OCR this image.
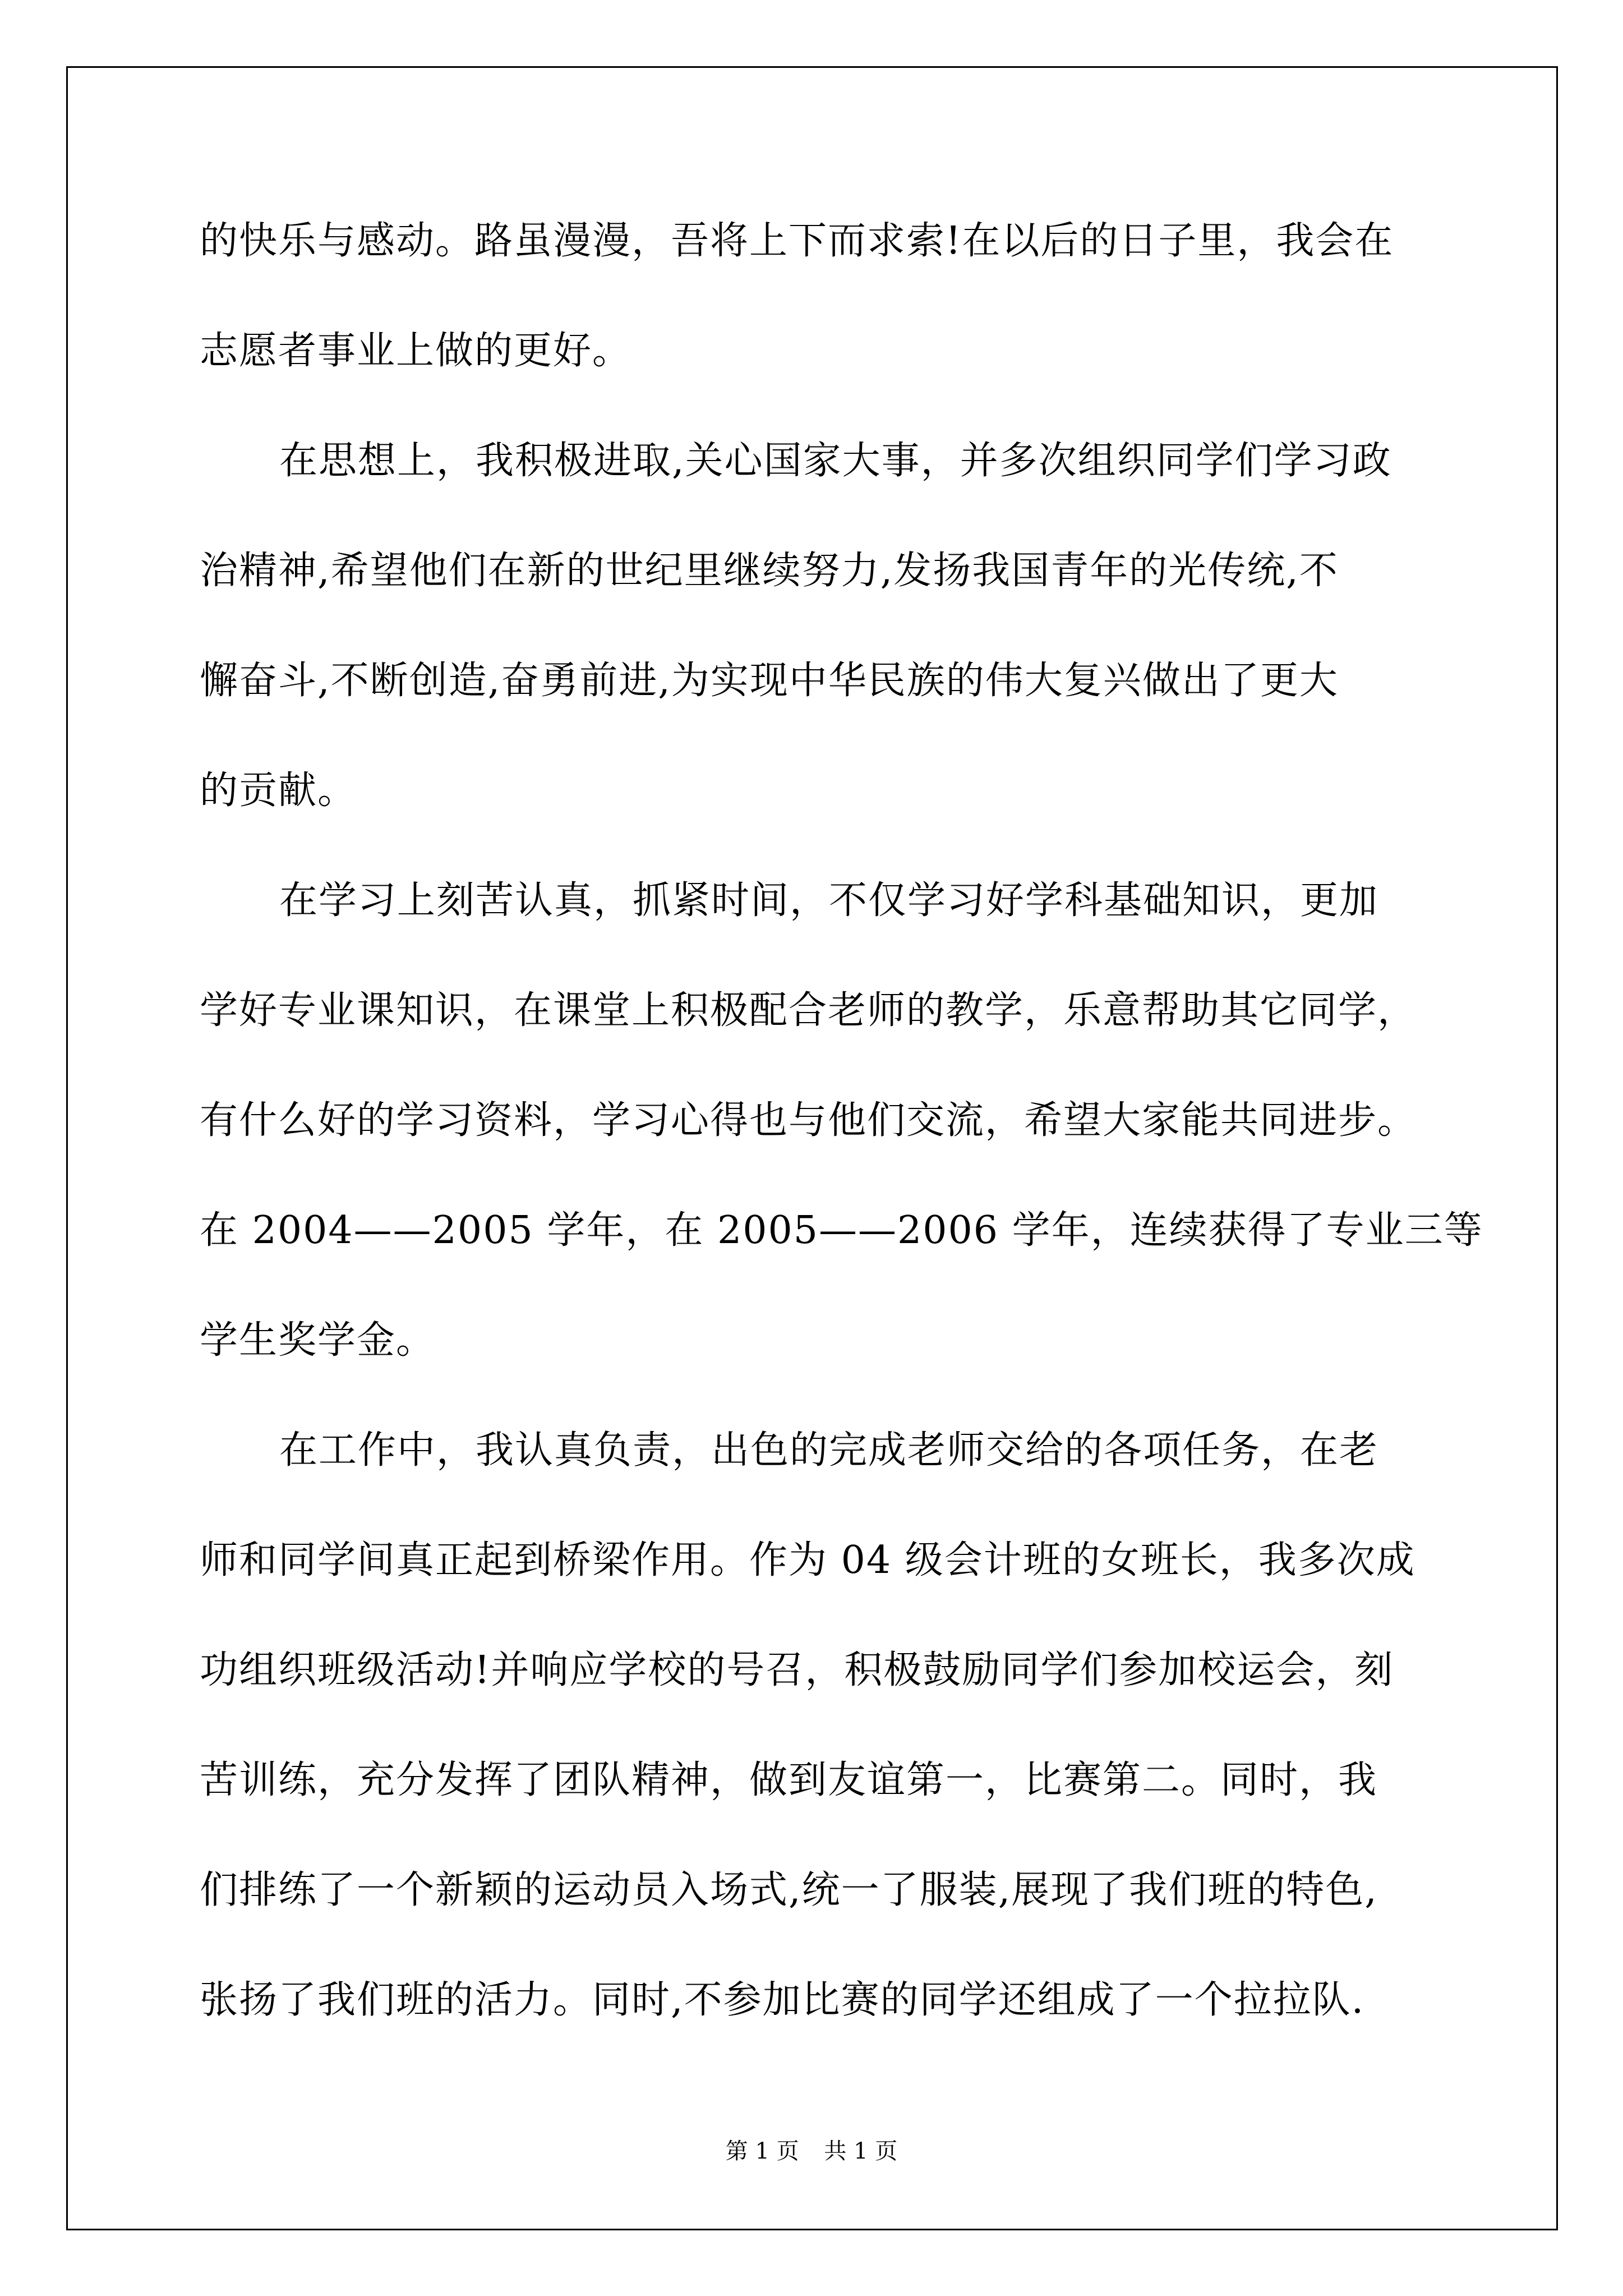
的快乐与感动。路虽漫漫，吾将上下而求索!在以后的日子里，我会在
志愿者事业上做的更好。
在思想上，我积极进取,关心国家大事，并多次组织同学们学习政
治精神,希望他们在新的世纪里继续努力,发扬我国青年的光传统,不
懈奋斗,不断创造,奋勇前进,为实现中华民族的伟大复兴做出了更大
的贡献。
在学习上刻苦认真，抓紧时间，不仅学习好学科基础知识，更加
学好专业课知识，在课堂上积极配合老师的教学，乐意帮助其它同学，
有什么好的学习资料，学习心得也与他们交流，希望大家能共同进步。
在 2004——2005 学年，在 2005——2006 学年，连续获得了专业三等
学生奖学金。
在工作中，我认真负责，出色的完成老师交给的各项任务，在老
师和同学间真正起到桥梁作用。作为 04 级会计班的女班长，我多次成
功组织班级活动!并响应学校的号召，积极鼓励同学们参加校运会，刻
苦训练，充分发挥了团队精神，做到友谊第一，比赛第二。同时，我
们排练了一个新颖的运动员入场式,统一了服装,展现了我们班的特色,
张扬了我们班的活力。同时,不参加比赛的同学还组成了一个拉拉队.
第 1 页 共 1 页
